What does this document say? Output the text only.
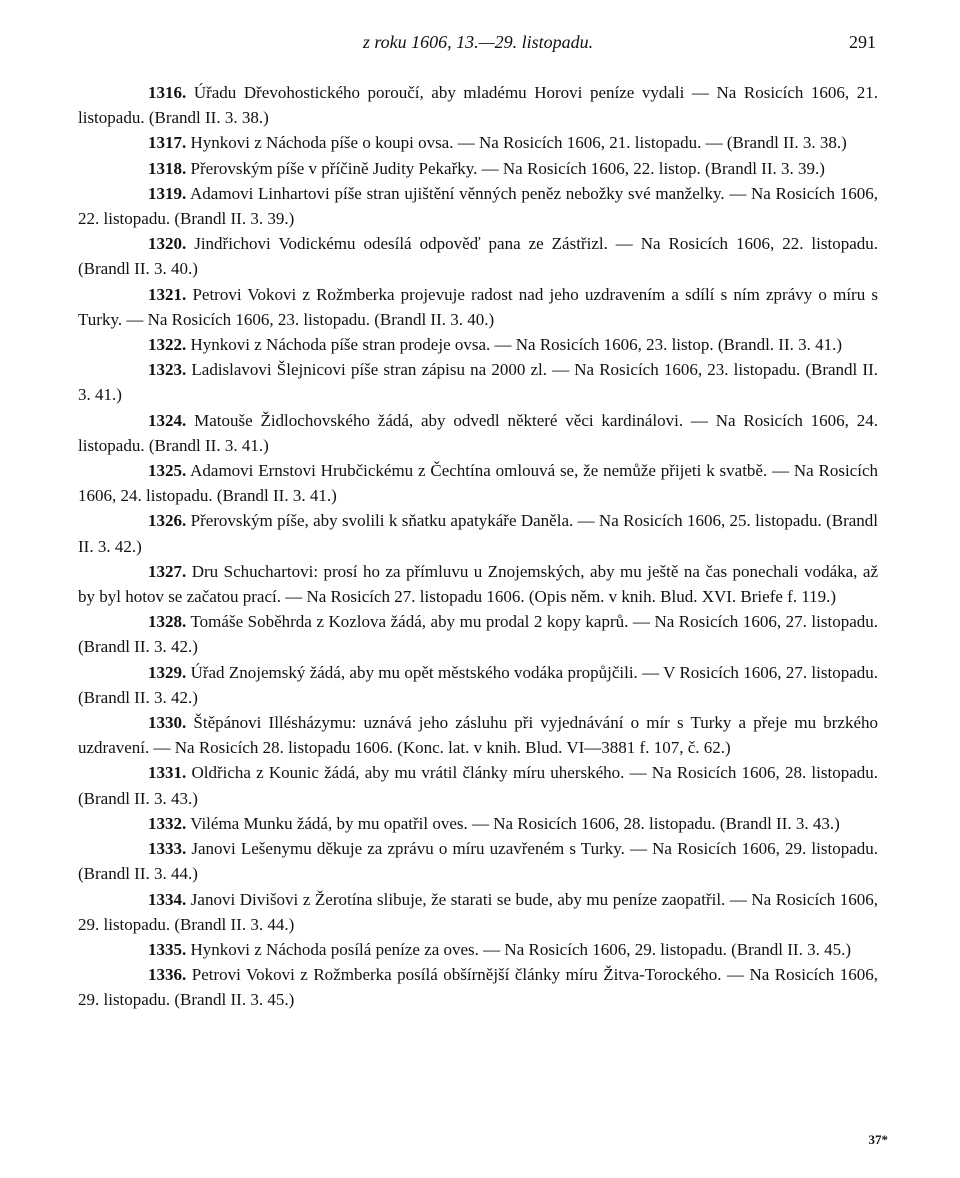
z roku 1606, 13.—29. listopadu.	291

1316. Úřadu Dřevohostického poroučí, aby mladému Horovi peníze vydali — Na Rosicích 1606, 21. listopadu. (Brandl II. 3. 38.)

1317. Hynkovi z Náchoda píše o koupi ovsa. — Na Rosicích 1606, 21. listopadu. — (Brandl II. 3. 38.)

1318. Přerovským píše v příčině Judity Pekařky. — Na Rosicích 1606, 22. listop. (Brandl II. 3. 39.)

1319. Adamovi Linhartovi píše stran ujištění věnných peněz nebožky své manželky. — Na Rosicích 1606, 22. listopadu. (Brandl II. 3. 39.)

1320. Jindřichovi Vodickému odesílá odpověď pana ze Zástřizl. — Na Rosicích 1606, 22. listopadu. (Brandl II. 3. 40.)

1321. Petrovi Vokovi z Rožmberka projevuje radost nad jeho uzdravením a sdílí s ním zprávy o míru s Turky. — Na Rosicích 1606, 23. listopadu. (Brandl II. 3. 40.)

1322. Hynkovi z Náchoda píše stran prodeje ovsa. — Na Rosicích 1606, 23. listop. (Brandl. II. 3. 41.)

1323. Ladislavovi Šlejnicovi píše stran zápisu na 2000 zl. — Na Rosicích 1606, 23. listopadu. (Brandl II. 3. 41.)

1324. Matouše Židlochovského žádá, aby odvedl některé věci kardinálovi. — Na Rosicích 1606, 24. listopadu. (Brandl II. 3. 41.)

1325. Adamovi Ernstovi Hrubčickému z Čechtína omlouvá se, že nemůže přijeti k svatbě. — Na Rosicích 1606, 24. listopadu. (Brandl II. 3. 41.)

1326. Přerovským píše, aby svolili k sňatku apatykáře Daněla. — Na Rosicích 1606, 25. listopadu. (Brandl II. 3. 42.)

1327. Dru Schuchartovi: prosí ho za přímluvu u Znojemských, aby mu ještě na čas ponechali vodáka, až by byl hotov se začatou prací. — Na Rosicích 27. listopadu 1606. (Opis něm. v knih. Blud. XVI. Briefe f. 119.)

1328. Tomáše Soběhrda z Kozlova žádá, aby mu prodal 2 kopy kaprů. — Na Rosicích 1606, 27. listopadu. (Brandl II. 3. 42.)

1329. Úřad Znojemský žádá, aby mu opět městského vodáka propůjčili. — V Rosicích 1606, 27. listopadu. (Brandl II. 3. 42.)

1330. Štěpánovi Illésházymu: uznává jeho zásluhu při vyjednávání o mír s Turky a přeje mu brzkého uzdravení. — Na Rosicích 28. listopadu 1606. (Konc. lat. v knih. Blud. VI—3881 f. 107, č. 62.)

1331. Oldřicha z Kounic žádá, aby mu vrátil články míru uherského. — Na Rosicích 1606, 28. listopadu. (Brandl II. 3. 43.)

1332. Viléma Munku žádá, by mu opatřil oves. — Na Rosicích 1606, 28. listopadu. (Brandl II. 3. 43.)

1333. Janovi Lešenymu děkuje za zprávu o míru uzavřeném s Turky. — Na Rosicích 1606, 29. listopadu. (Brandl II. 3. 44.)

1334. Janovi Divišovi z Žerotína slibuje, že starati se bude, aby mu peníze zaopatřil. — Na Rosicích 1606, 29. listopadu. (Brandl II. 3. 44.)

1335. Hynkovi z Náchoda posílá peníze za oves. — Na Rosicích 1606, 29. listopadu. (Brandl II. 3. 45.)

1336. Petrovi Vokovi z Rožmberka posílá obšírnější články míru Žitva-Torockého. — Na Rosicích 1606, 29. listopadu. (Brandl II. 3. 45.)

37*
